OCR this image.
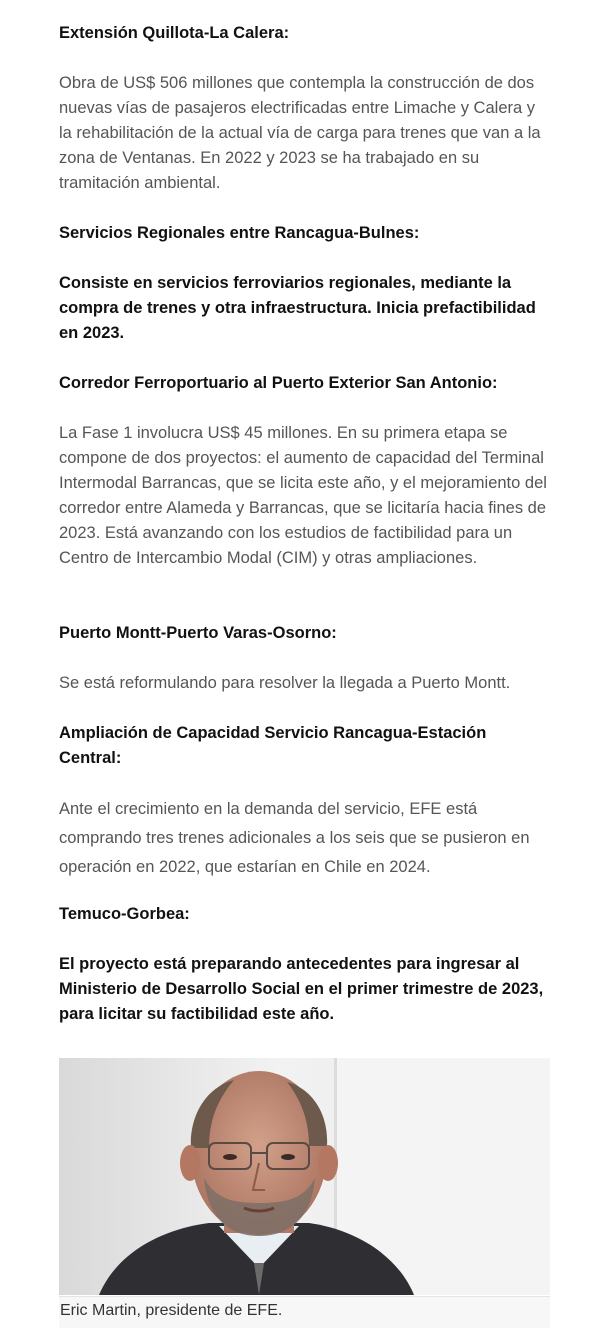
Extensión Quillota-La Calera:

Obra de US$ 506 millones que contempla la construcción de dos nuevas vías de pasajeros electrificadas entre Limache y Calera y la rehabilitación de la actual vía de carga para trenes que van a la zona de Ventanas. En 2022 y 2023 se ha trabajado en su tramitación ambiental.

Servicios Regionales entre Rancagua-Bulnes:

Consiste en servicios ferroviarios regionales, mediante la compra de trenes y otra infraestructura. Inicia prefactibilidad en 2023.

Corredor Ferroportuario al Puerto Exterior San Antonio:

La Fase 1 involucra US$ 45 millones. En su primera etapa se compone de dos proyectos: el aumento de capacidad del Terminal Intermodal Barrancas, que se licita este año, y el mejoramiento del corredor entre Alameda y Barrancas, que se licitaría hacia fines de 2023. Está avanzando con los estudios de factibilidad para un Centro de Intercambio Modal (CIM) y otras ampliaciones.

Puerto Montt-Puerto Varas-Osorno:

Se está reformulando para resolver la llegada a Puerto Montt.

Ampliación de Capacidad Servicio Rancagua-Estación Central:

Ante el crecimiento en la demanda del servicio, EFE está comprando tres trenes adicionales a los seis que se pusieron en operación en 2022, que estarían en Chile en 2024.

Temuco-Gorbea:

El proyecto está preparando antecedentes para ingresar al Ministerio de Desarrollo Social en el primer trimestre de 2023, para licitar su factibilidad este año.

Eric Martin, presidente de EFE.
